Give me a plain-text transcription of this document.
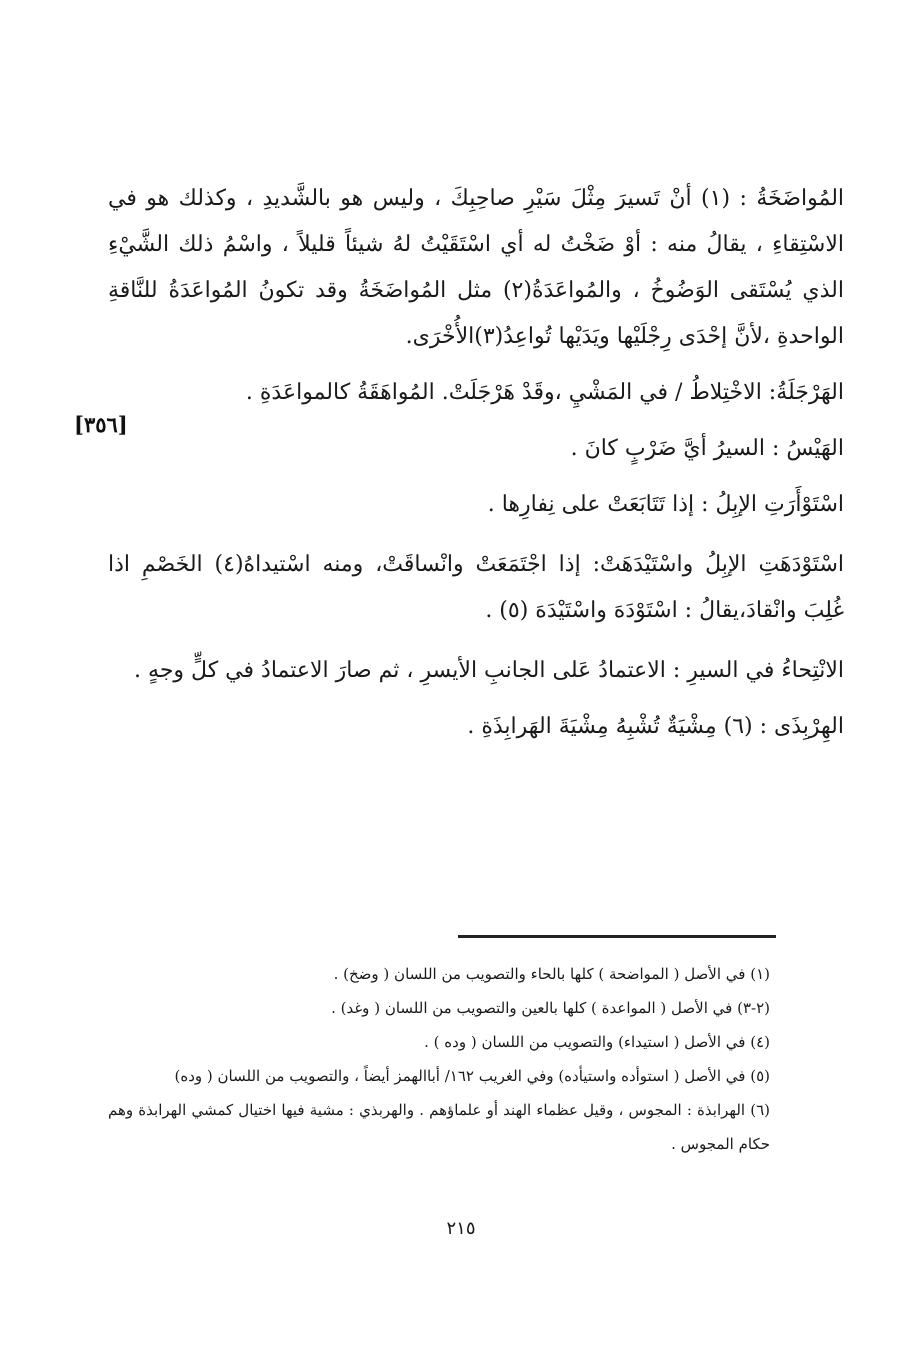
المُواضَخَةُ : (١) أنْ تَسيرَ مِثْلَ سَيْرِ صاحِبِكَ ، وليس هو بالشَّديدِ ، وكذلك هو في الاسْتِقاءِ ، يقالُ منه : أوْ ضَخْتُ له أي اسْتَقَيْتُ لهُ شيئاً قليلاً ، واسْمُ ذلك الشَّيْءِ الذي يُسْتَقى الوَضُوخُ ، والمُواعَدَةُ(٢) مثل المُواضَخَةُ وقد تكونُ المُواعَدَةُ للنَّاقةِ الواحدةِ ،لأنَّ إحْدَى رِجْلَيْها ويَدَيْها تُواعِدُ(٣)الأُخْرَى.

الهَرْجَلَةُ: الاخْتِلاطُ / في المَشْيِ ،وقَدْ هَرْجَلَتْ. المُواهَقَةُ كالمواعَدَةِ .

الهَيْسُ : السيرُ أيَّ ضَرْبٍ كانَ .

اسْتَوْأَرَتِ الإبِلُ : إذا تَتَابَعَتْ على نِفارِها .

اسْتَوْدَهَتِ الإبِلُ واسْتَيْدَهَتْ: إذا اجْتَمَعَتْ وانْساقَتْ، ومنه اسْتيداهُ(٤) الخَصْمِ اذا غُلِبَ وانْقادَ،يقالُ : اسْتَوْدَهَ واسْتَيْدَهَ (٥) .

الانْتِحاءُ في السيرِ : الاعتمادُ عَلى الجانبِ الأيسرِ ، ثم صارَ الاعتمادُ في كلٍّ وجهٍ .

الهِرْبِذَى : (٦) مِشْيَةٌ تُشْبِهُ مِشْيَةَ الهَرابِذَةِ .

[٣٥٦]

(١) في الأصل ( المواضحة ) كلها بالحاء والتصويب من اللسان ( وضخ) .

(٢-٣) في الأصل ( المواعدة ) كلها بالعين والتصويب من اللسان ( وغد) .

(٤) في الأصل ( استيداء) والتصويب من اللسان ( وده ) .

(٥) في الأصل ( استوأده واستيأده) وفي الغريب ١٦٢/ أباالهمز أيضاً ، والتصويب من اللسان ( وده)

(٦) الهرابذة : المجوس ، وقيل عظماء الهند أو علماؤهم . والهربذي : مشية فيها اختيال كمشي الهرابذة وهم حكام المجوس .

٢١٥
